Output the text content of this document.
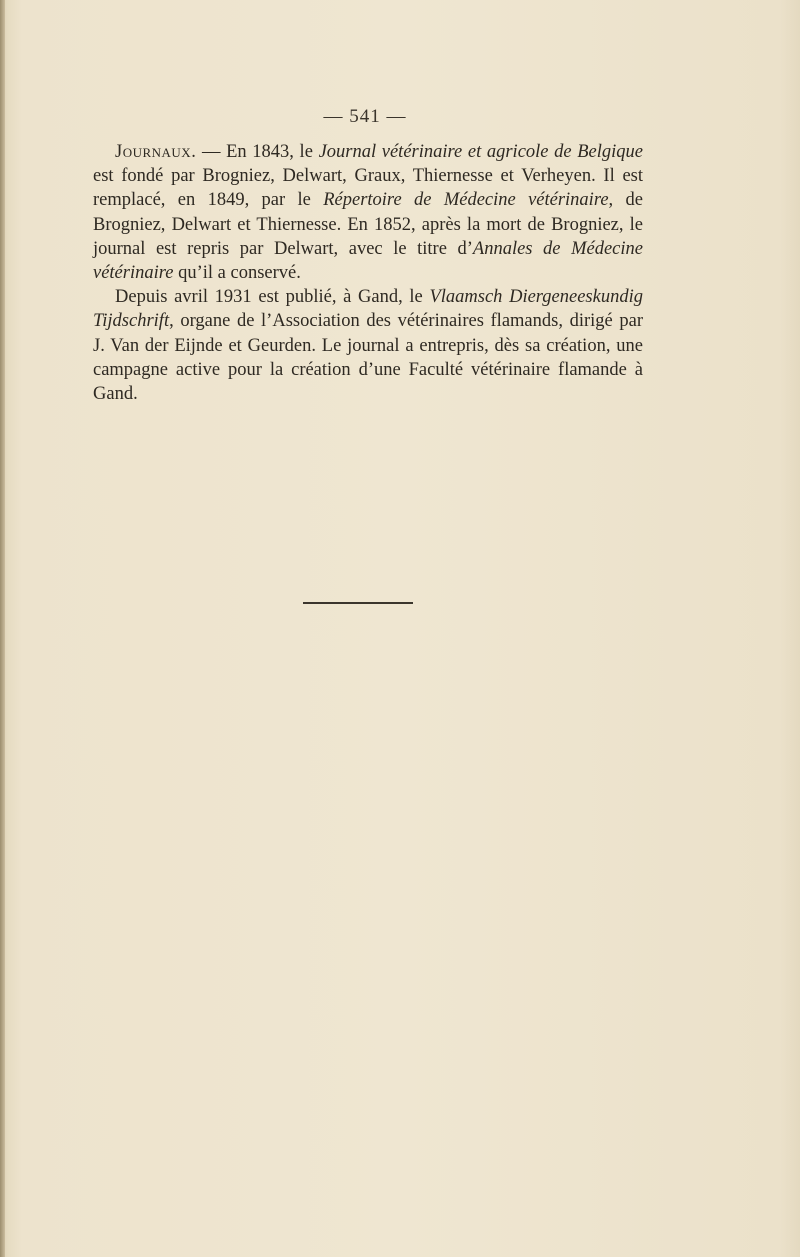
— 541 —

Journaux. — En 1843, le Journal vétérinaire et agricole de Belgique est fondé par Brogniez, Delwart, Graux, Thiernesse et Verheyen. Il est remplacé, en 1849, par le Répertoire de Médecine vétérinaire, de Brogniez, Delwart et Thiernesse. En 1852, après la mort de Brogniez, le journal est repris par Delwart, avec le titre d’Annales de Médecine vétérinaire qu’il a conservé.

Depuis avril 1931 est publié, à Gand, le Vlaamsch Diergeneeskundig Tijdschrift, organe de l’Association des vétérinaires flamands, dirigé par J. Van der Eijnde et Geurden. Le journal a entrepris, dès sa création, une campagne active pour la création d’une Faculté vétérinaire flamande à Gand.
